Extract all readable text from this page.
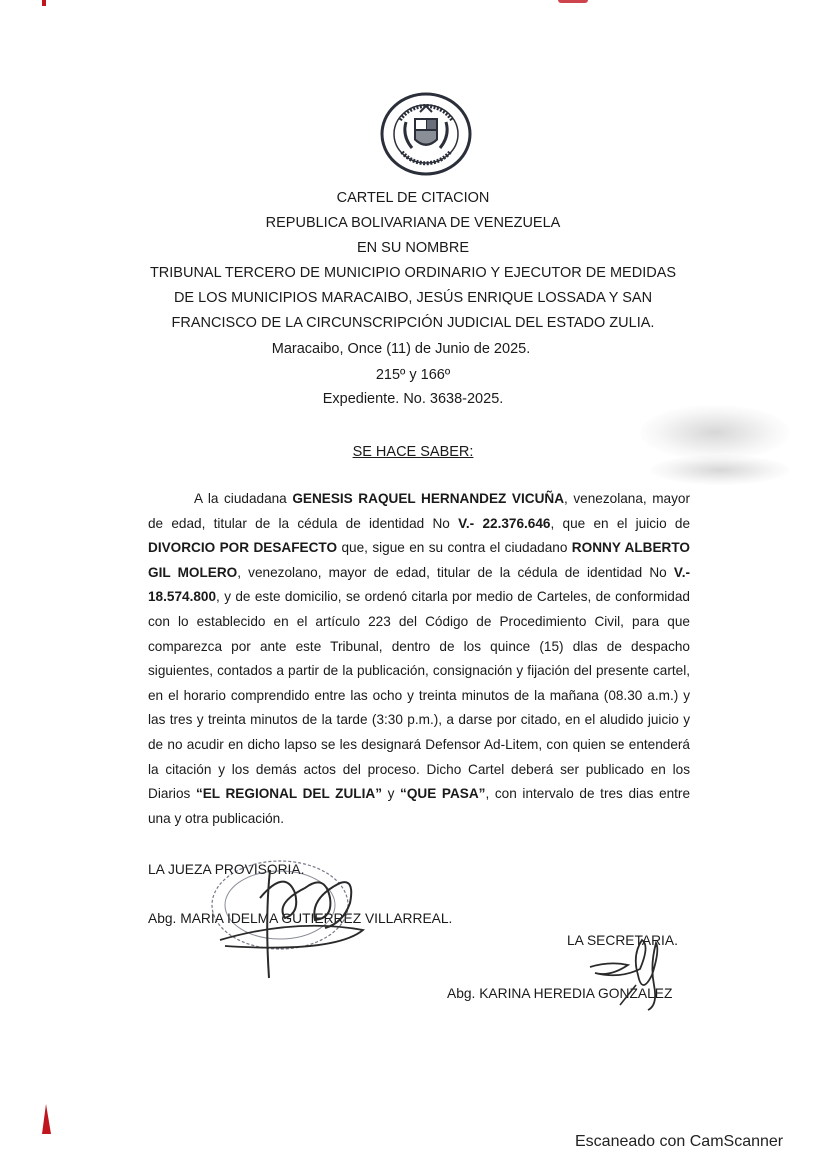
CARTEL DE CITACION
REPUBLICA BOLIVARIANA DE VENEZUELA
EN SU NOMBRE
TRIBUNAL TERCERO DE MUNICIPIO ORDINARIO Y EJECUTOR DE MEDIDAS
DE LOS MUNICIPIOS MARACAIBO, JESÚS ENRIQUE LOSSADA Y SAN
FRANCISCO DE LA CIRCUNSCRIPCIÓN JUDICIAL DEL ESTADO ZULIA.
Maracaibo, Once (11) de Junio de 2025.
215º y 166º
Expediente. No. 3638-2025.
SE HACE SABER:

A la ciudadana GENESIS RAQUEL HERNANDEZ VICUÑA, venezolana, mayor de edad, titular de la cédula de identidad No V.- 22.376.646, que en el juicio de DIVORCIO POR DESAFECTO que, sigue en su contra el ciudadano RONNY ALBERTO GIL MOLERO, venezolano, mayor de edad, titular de la cédula de identidad No V.- 18.574.800, y de este domicilio, se ordenó citarla por medio de Carteles, de conformidad con lo establecido en el artículo 223 del Código de Procedimiento Civil, para que comparezca por ante este Tribunal, dentro de los quince (15) dlas de despacho siguientes, contados a partir de la publicación, consignación y fijación del presente cartel, en el horario comprendido entre las ocho y treinta minutos de la mañana (08.30 a.m.) y las tres y treinta minutos de la tarde (3:30 p.m.), a darse por citado, en el aludido juicio y de no acudir en dicho lapso se les designará Defensor Ad-Litem, con quien se entenderá la citación y los demás actos del proceso. Dicho Cartel deberá ser publicado en los Diarios “EL REGIONAL DEL ZULIA” y “QUE PASA”, con intervalo de tres dias entre una y otra publicación.

LA JUEZA PROVISORIA.
Abg. MARIA IDELMA GUTIERREZ VILLARREAL.
LA SECRETARIA.
Abg. KARINA HEREDIA GONZALEZ
Escaneado con CamScanner
